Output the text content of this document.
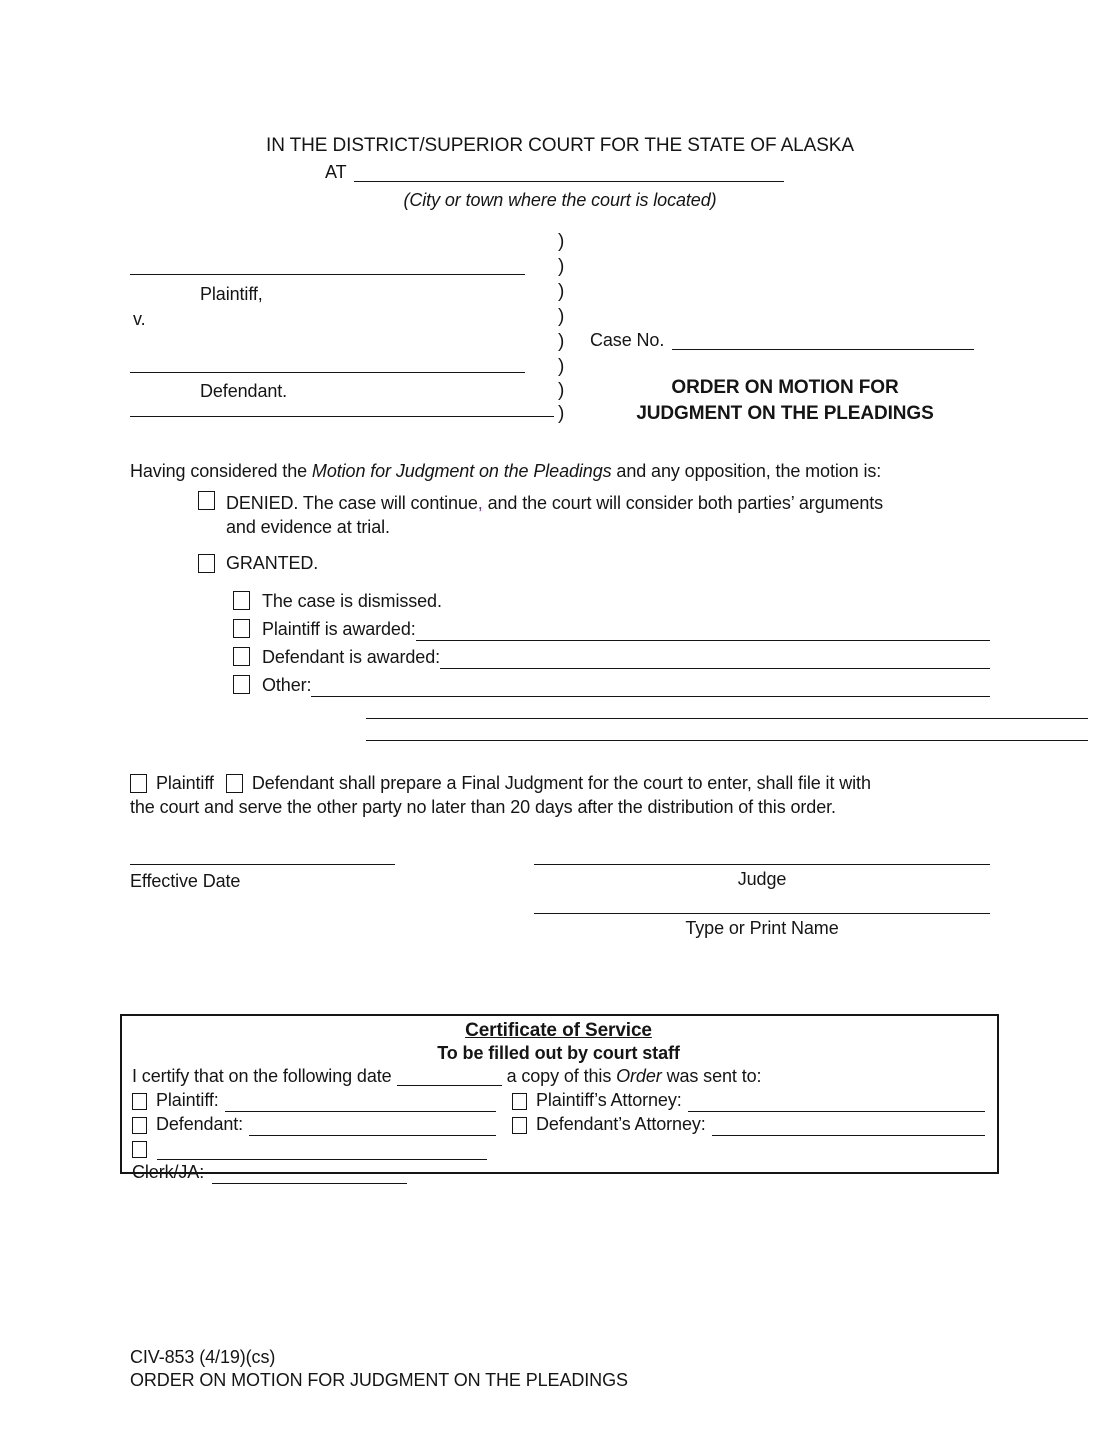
IN THE DISTRICT/SUPERIOR COURT FOR THE STATE OF ALASKA
AT
(City or town where the court is located)
)
)
)
)
)
)
)
)
Plaintiff,
v.
Defendant.
Case No.
ORDER ON MOTION FOR
JUDGMENT ON THE PLEADINGS
Having considered the Motion for Judgment on the Pleadings and any opposition, the motion is:
DENIED. The case will continue, and the court will consider both parties’ arguments
and evidence at trial.
GRANTED.
The case is dismissed.
Plaintiff is awarded:
Defendant is awarded:
Other:
Plaintiff Defendant shall prepare a Final Judgment for the court to enter, shall file it with
the court and serve the other party no later than 20 days after the distribution of this order.
Effective Date	Judge
Type or Print Name
Certificate of Service
To be filled out by court staff
I certify that on the following date	a copy of this Order was sent to:
Plaintiff:	Plaintiff’s Attorney:
Defendant:	Defendant’s Attorney:
Clerk/JA:
CIV-853 (4/19)(cs)
ORDER ON MOTION FOR JUDGMENT ON THE PLEADINGS
